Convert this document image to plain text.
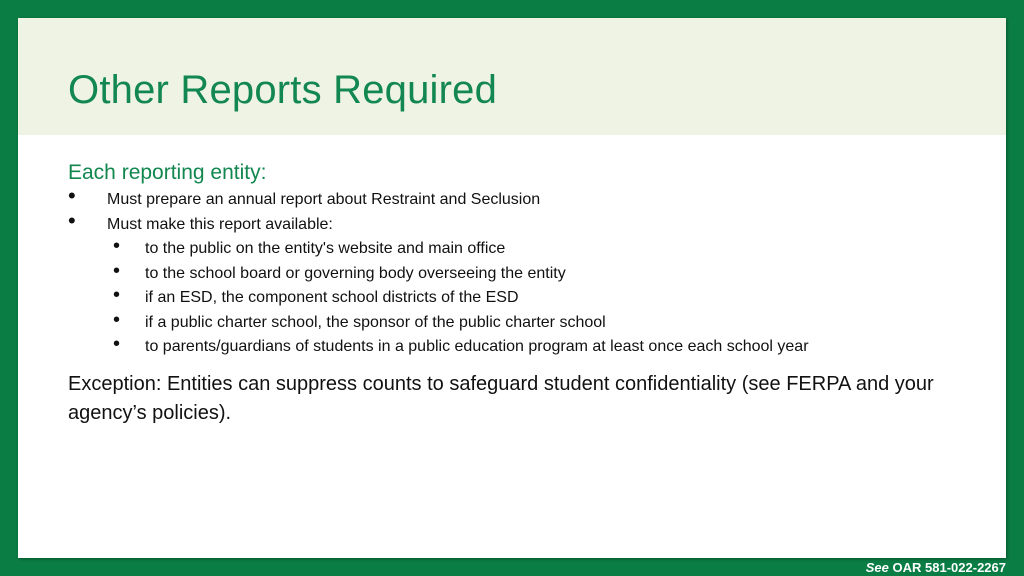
Other Reports Required

Each reporting entity:

• Must prepare an annual report about Restraint and Seclusion
• Must make this report available:
• to the public on the entity's website and main office
• to the school board or governing body overseeing the entity
• if an ESD, the component school districts of the ESD
• if a public charter school, the sponsor of the public charter school
• to parents/guardians of students in a public education program at least once each school year

Exception: Entities can suppress counts to safeguard student confidentiality (see FERPA and your agency’s policies).

See OAR 581-022-2267
